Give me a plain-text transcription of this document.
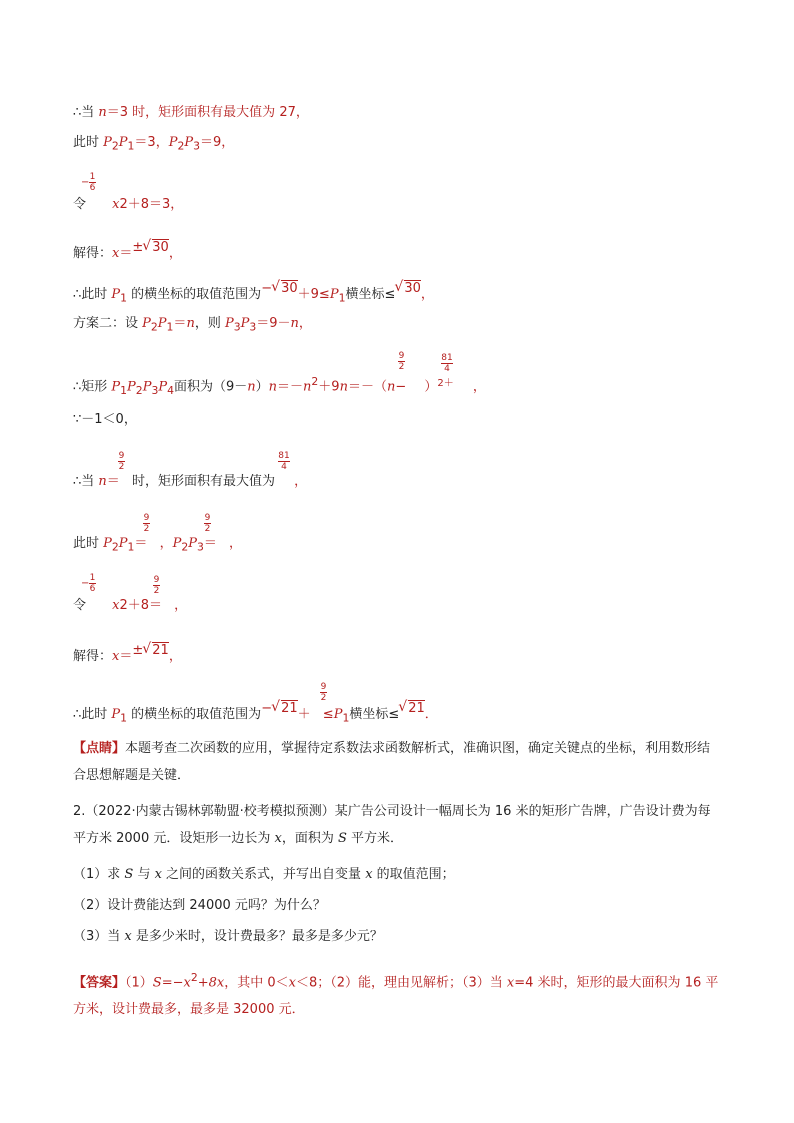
∴当 n＝3 时，矩形面积有最大值为 27，
此时 $P_2P_1=3$，$P_2P_3=9$，
令
− 1
6
x2＋8＝3，
解得：x＝± √ 30，
∴此时 $P_1$ 的横坐标的取值范围为− √ $30+9\le P_1$横坐标≤ √ 30，
方案二：设 $P_2P_1=n$，则 $P_3P_3=9-n$，
∴矩形 $P_1P_2P_3P_4$面积为$(9-n)n=-n^2+9n=-(n-$
9
2
）$^{2+}$
81
4
，
∵－1＜0，
∴当 n＝
9
2
时，矩形面积有最大值为
81
4
，
此时 $P_2P_1=$
9
2
，$P_2P_3=$
9
2
，
令
− 1
6
x2＋8＝
9
2
，
解得：x＝± √ 21，
∴此时 $P_1$ 的横坐标的取值范围为− √ 21＋
9
2
$\le P_1$横坐标≤ √ 21．
【点睛】本题考查二次函数的应用，掌握待定系数法求函数解析式，准确识图，确定关键点的坐标，利用数形结合思想解题是关键．
2.（2022·内蒙古锡林郭勒盟·校考模拟预测）某广告公司设计一幅周长为 16 米的矩形广告牌，广告设计费为每平方米 2000 元．设矩形一边长为 x，面积为 S 平方米．
（1）求 S 与 x 之间的函数关系式，并写出自变量 x 的取值范围；
（2）设计费能达到 24000 元吗？为什么？
（3）当 x 是多少米时，设计费最多？最多是多少元？
【答案】$(1)S=-x^2+8x$，其中 0＜x＜8；（2）能，理由见解析；（3）当 x=4 米时，矩形的最大面积为 16 平方米，设计费最多，最多是 32000 元．
